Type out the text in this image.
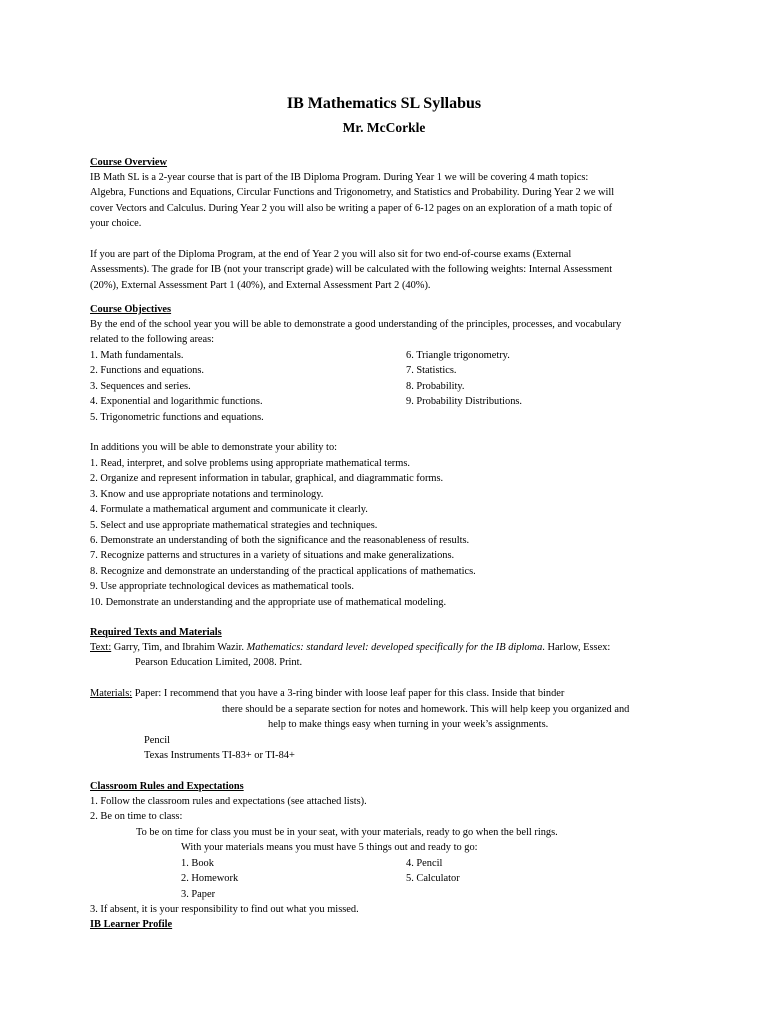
IB Mathematics SL Syllabus
Mr. McCorkle
Course Overview

IB Math SL is a 2-year course that is part of the IB Diploma Program. During Year 1 we will be covering 4 math topics:
Algebra, Functions and Equations, Circular Functions and Trigonometry, and Statistics and Probability. During Year 2 we will
cover Vectors and Calculus. During Year 2 you will also be writing a paper of 6-12 pages on an exploration of a math topic of
your choice.

If you are part of the Diploma Program, at the end of Year 2 you will also sit for two end-of-course exams (External
Assessments). The grade for IB (not your transcript grade) will be calculated with the following weights: Internal Assessment
(20%), External Assessment Part 1 (40%), and External Assessment Part 2 (40%).

Course Objectives

By the end of the school year you will be able to demonstrate a good understanding of the principles, processes, and vocabulary
related to the following areas:

1. Math fundamentals.
2. Functions and equations.
3. Sequences and series.
4. Exponential and logarithmic functions.
5. Trigonometric functions and equations.

6. Triangle trigonometry.
7. Statistics.
8. Probability.
9. Probability Distributions.

In additions you will be able to demonstrate your ability to:

1. Read, interpret, and solve problems using appropriate mathematical terms.
2. Organize and represent information in tabular, graphical, and diagrammatic forms.
3. Know and use appropriate notations and terminology.
4. Formulate a mathematical argument and communicate it clearly.
5. Select and use appropriate mathematical strategies and techniques.
6. Demonstrate an understanding of both the significance and the reasonableness of results.
7. Recognize patterns and structures in a variety of situations and make generalizations.
8. Recognize and demonstrate an understanding of the practical applications of mathematics.
9. Use appropriate technological devices as mathematical tools.
10. Demonstrate an understanding and the appropriate use of mathematical modeling.

Required Texts and Materials
Text: Garry, Tim, and Ibrahim Wazir. Mathematics: standard level: developed specifically for the IB diploma. Harlow, Essex:
Pearson Education Limited, 2008. Print.
Materials: Paper: I recommend that you have a 3-ring binder with loose leaf paper for this class. Inside that binder
there should be a separate section for notes and homework. This will help keep you organized and
help to make things easy when turning in your week’s assignments.
Pencil
Texas Instruments TI-83+ or TI-84+
Classroom Rules and Expectations
1. Follow the classroom rules and expectations (see attached lists).
2. Be on time to class:
To be on time for class you must be in your seat, with your materials, ready to go when the bell rings.
With your materials means you must have 5 things out and ready to go:

1. Book
2. Homework
3. Paper

4. Pencil
5. Calculator

3. If absent, it is your responsibility to find out what you missed.
IB Learner Profile
